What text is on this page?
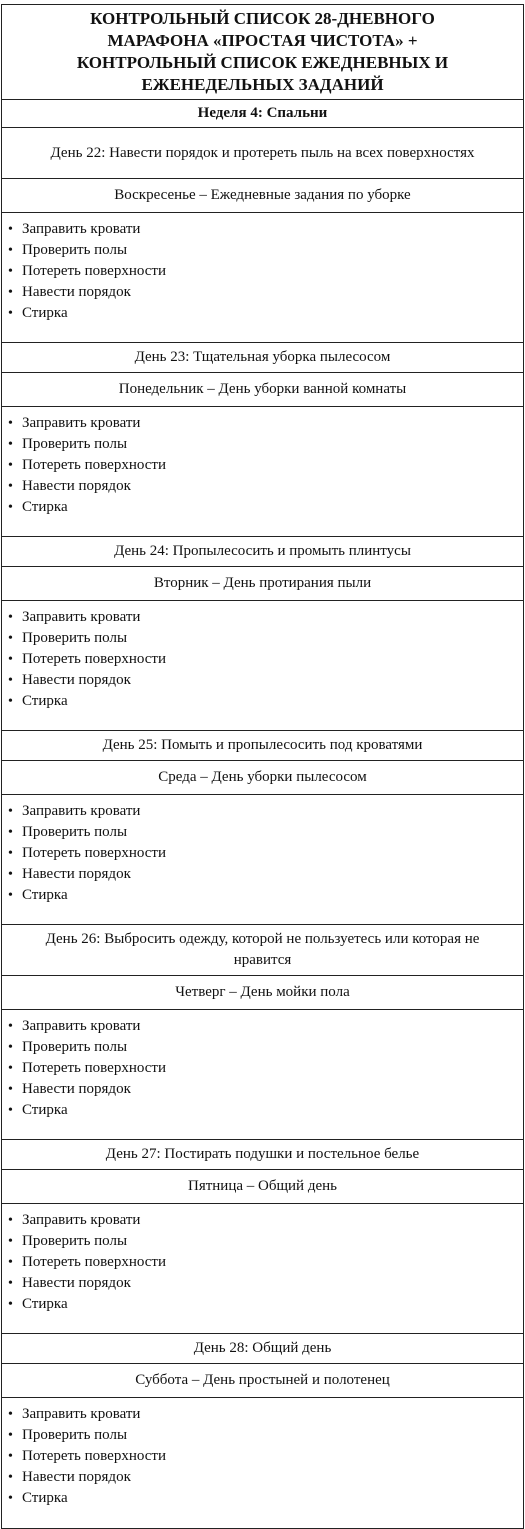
КОНТРОЛЬНЫЙ СПИСОК 28-ДНЕВНОГО МАРАФОНА «ПРОСТАЯ ЧИСТОТА» + КОНТРОЛЬНЫЙ СПИСОК ЕЖЕДНЕВНЫХ И ЕЖЕНЕДЕЛЬНЫХ ЗАДАНИЙ
Неделя 4: Спальни
День 22: Навести порядок и протереть пыль на всех поверхностях
Воскресенье – Ежедневные задания по уборке
• Заправить кровати
• Проверить полы
• Потереть поверхности
• Навести порядок
• Стирка
День 23: Тщательная уборка пылесосом
Понедельник – День уборки ванной комнаты
• Заправить кровати
• Проверить полы
• Потереть поверхности
• Навести порядок
• Стирка
День 24: Пропылесосить и промыть плинтусы
Вторник – День протирания пыли
• Заправить кровати
• Проверить полы
• Потереть поверхности
• Навести порядок
• Стирка
День 25: Помыть и пропылесосить под кроватями
Среда – День уборки пылесосом
• Заправить кровати
• Проверить полы
• Потереть поверхности
• Навести порядок
• Стирка
День 26: Выбросить одежду, которой не пользуетесь или которая не нравится
Четверг – День мойки пола
• Заправить кровати
• Проверить полы
• Потереть поверхности
• Навести порядок
• Стирка
День 27: Постирать подушки и постельное белье
Пятница – Общий день
• Заправить кровати
• Проверить полы
• Потереть поверхности
• Навести порядок
• Стирка
День 28: Общий день
Суббота – День простыней и полотенец
• Заправить кровати
• Проверить полы
• Потереть поверхности
• Навести порядок
• Стирка
